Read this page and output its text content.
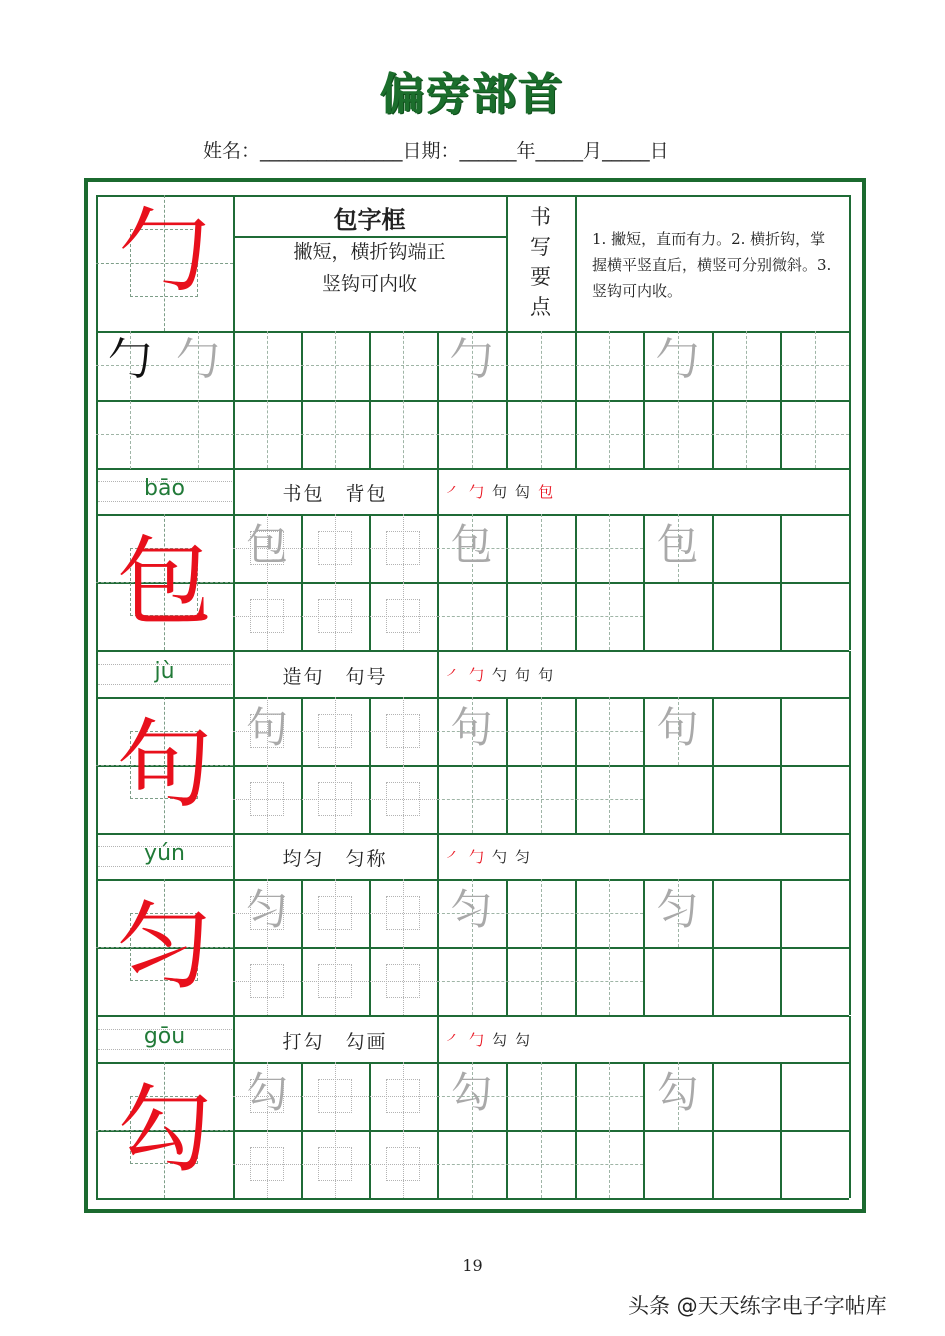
偏旁部首
姓名：_______________日期：______年_____月_____日
勹
勹 勹	勹	勹
bāo	书包　背包	㇒勹句匃包
包 包	包	包
jù	造句　句号	㇒勹勺句句
句 句	句	句
yún	均匀　匀称	㇒勹勺匀
匀 匀	匀	匀
gōu	打勾　勾画	㇒勹勾勾
勾 勾	勾	勾
包字框
撇短，横折钩端正
竖钩可内收
书
写
要
点
1. 撇短，直而有力。2. 横折钩，掌握横平竖直后，横竖可分别微斜。3. 竖钩可内收。
19
头条 @天天练字电子字帖库
